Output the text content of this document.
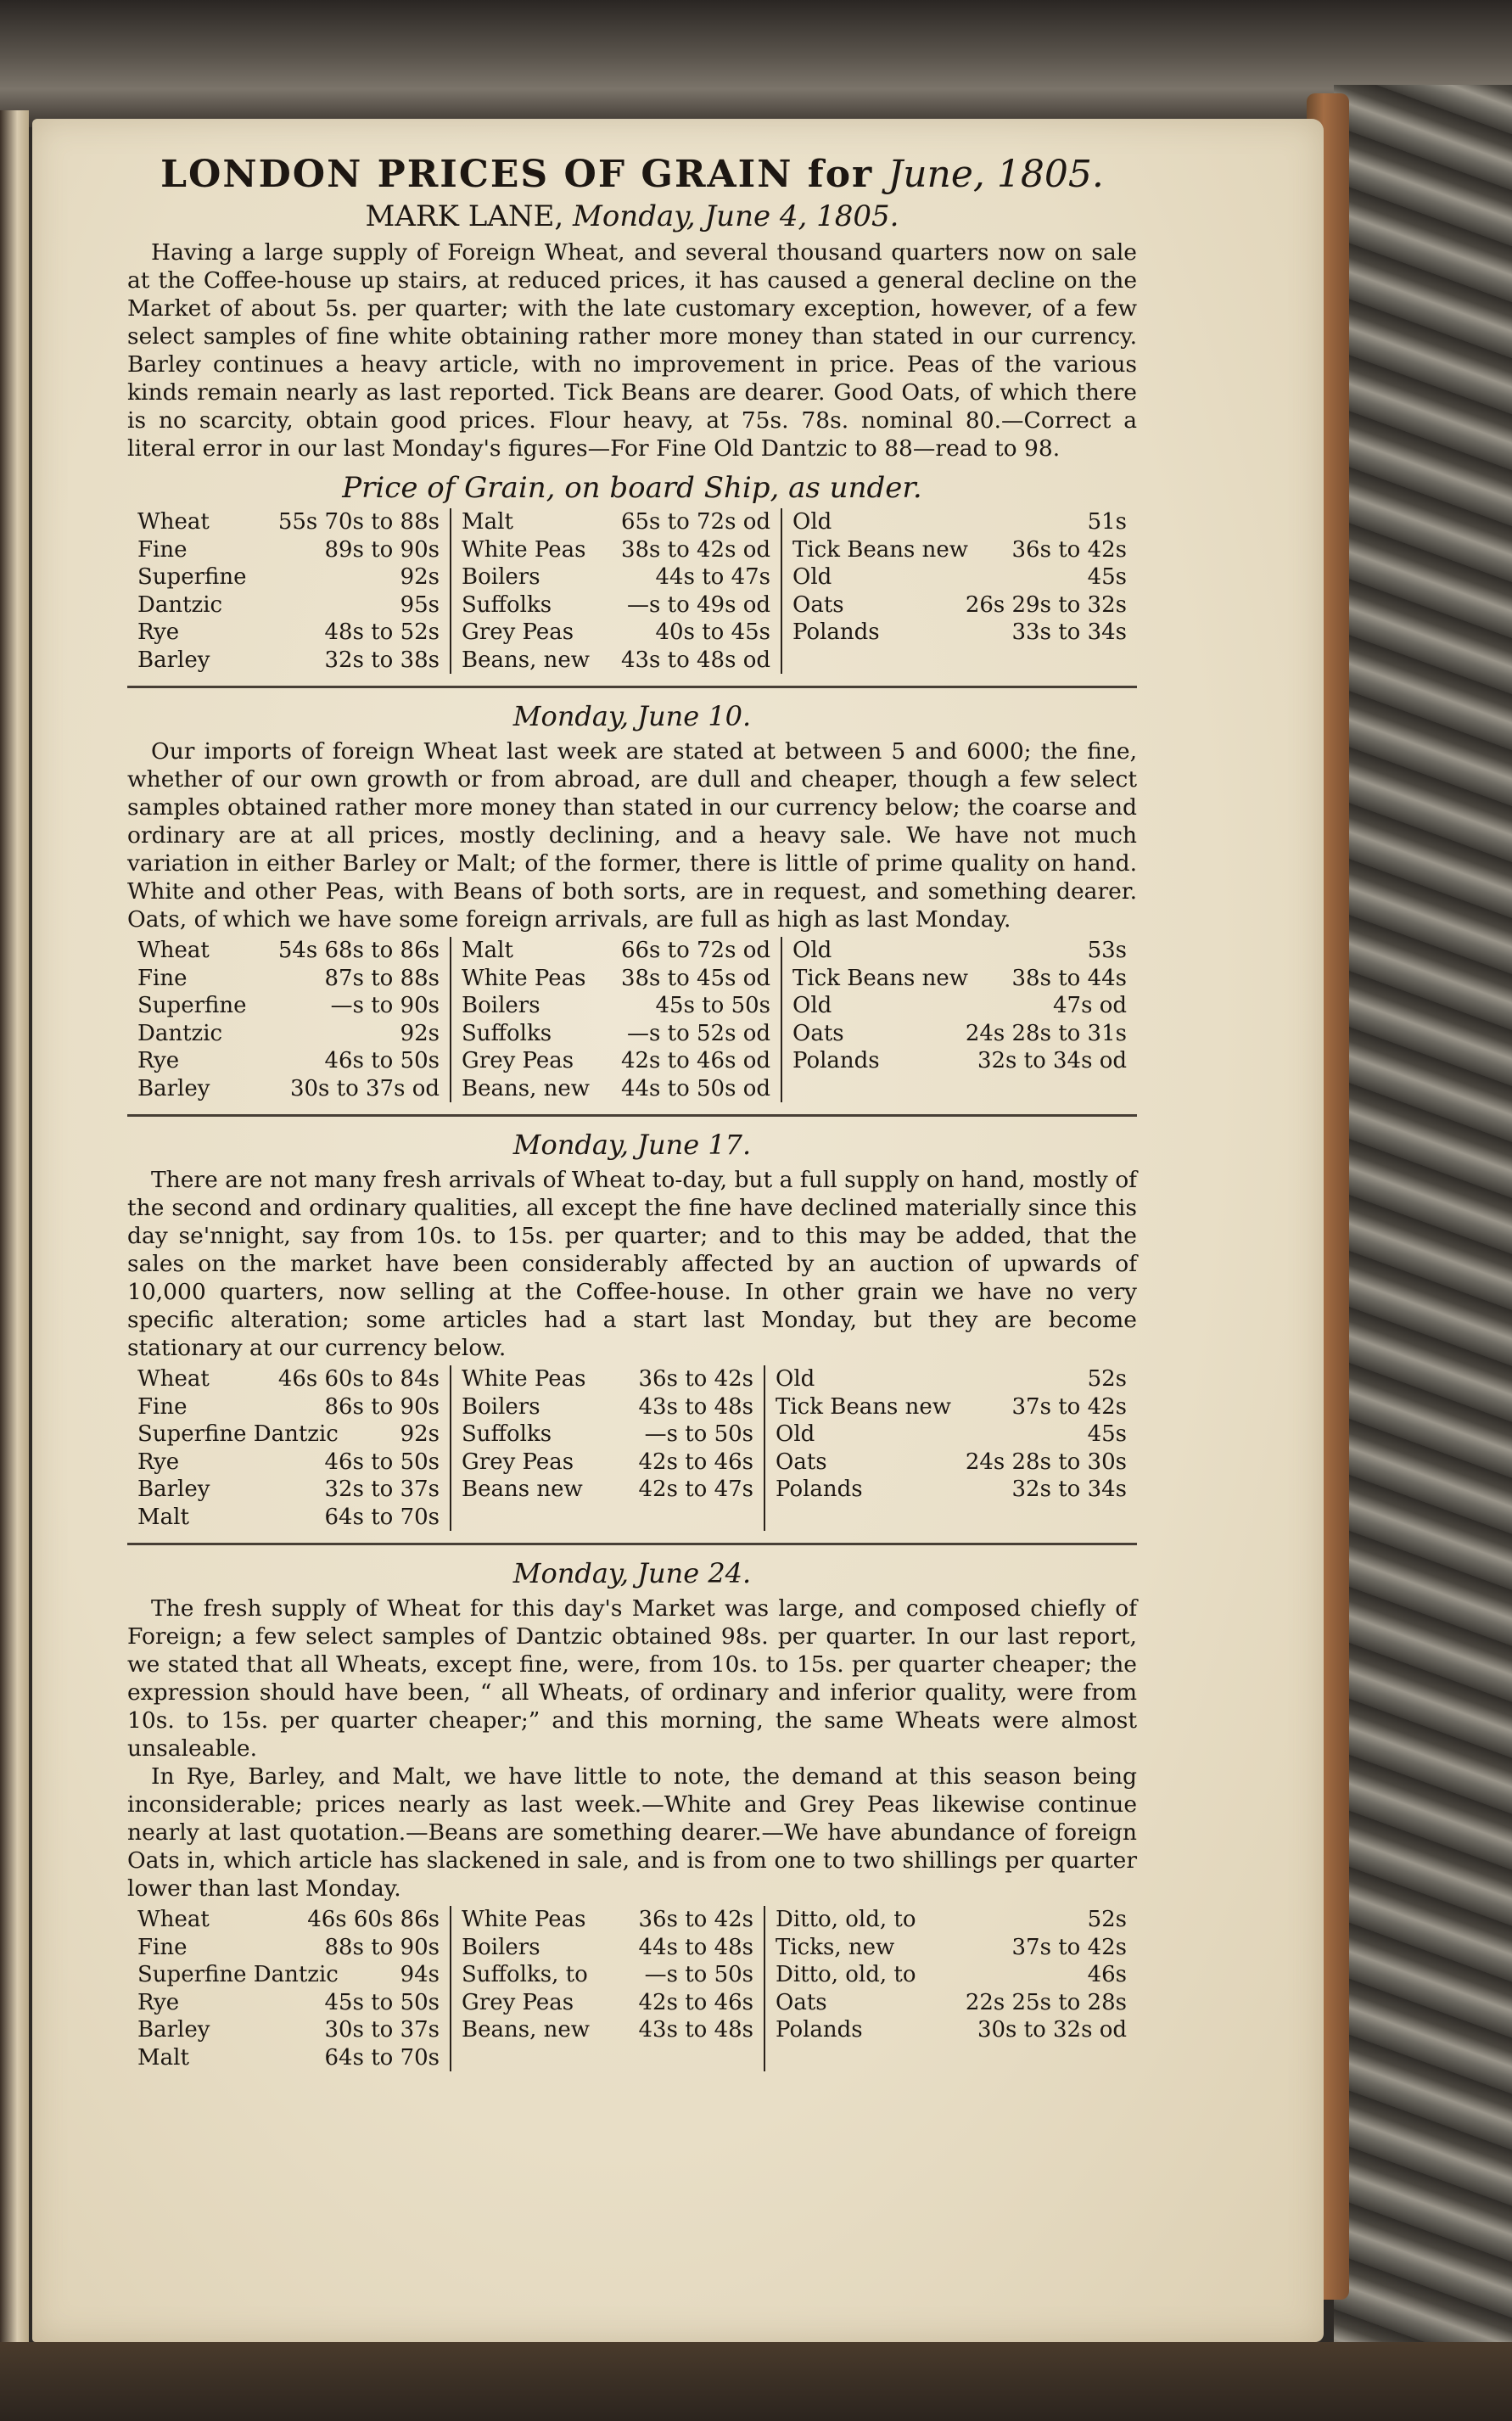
LONDON PRICES OF GRAIN for June, 1805.
MARK LANE, Monday, June 4, 1805.

Having a large supply of Foreign Wheat, and several thousand quarters now on sale at the Coffee-house up stairs, at reduced prices, it has caused a general decline on the Market of about 5s. per quarter; with the late customary exception, however, of a few select samples of fine white obtaining rather more money than stated in our currency. Barley continues a heavy article, with no improvement in price. Peas of the various kinds remain nearly as last reported. Tick Beans are dearer. Good Oats, of which there is no scarcity, obtain good prices. Flour heavy, at 75s. 78s. nominal 80.—Correct a literal error in our last Monday's figures—For Fine Old Dantzic to 88—read to 98.

Price of Grain, on board Ship, as under.
Wheat	55s 70s to 88s
Fine	89s to 90s
Superfine	92s
Dantzic	95s
Rye	48s to 52s
Barley	32s to 38s
Malt	65s to 72s od
White Peas 38s to 42s od
Boilers	44s to 47s
Suffolks	—s to 49s od
Grey Peas	40s to 45s
Beans, new 43s to 48s od
Old	51s
Tick Beans new 36s to 42s
Old	45s
Oats	26s 29s to 32s
Polands	33s to 34s
Monday, June 10.

Our imports of foreign Wheat last week are stated at between 5 and 6000; the fine, whether of our own growth or from abroad, are dull and cheaper, though a few select samples obtained rather more money than stated in our currency below; the coarse and ordinary are at all prices, mostly declining, and a heavy sale. We have not much variation in either Barley or Malt; of the former, there is little of prime quality on hand. White and other Peas, with Beans of both sorts, are in request, and something dearer. Oats, of which we have some foreign arrivals, are full as high as last Monday.

Wheat	54s 68s to 86s
Fine	87s to 88s
Superfine	—s to 90s
Dantzic	92s
Rye	46s to 50s
Barley	30s to 37s od
Malt	66s to 72s od
White Peas 38s to 45s od
Boilers	45s to 50s
Suffolks	—s to 52s od
Grey Peas 42s to 46s od
Beans, new 44s to 50s od
Old	53s
Tick Beans new 38s to 44s
Old	47s od
Oats	24s 28s to 31s
Polands	32s to 34s od
Monday, June 17.

There are not many fresh arrivals of Wheat to-day, but a full supply on hand, mostly of the second and ordinary qualities, all except the fine have declined materially since this day se'nnight, say from 10s. to 15s. per quarter; and to this may be added, that the sales on the market have been considerably affected by an auction of upwards of 10,000 quarters, now selling at the Coffee-house. In other grain we have no very specific alteration; some articles had a start last Monday, but they are become stationary at our currency below.

Wheat	46s 60s to 84s
Fine	86s to 90s
Superfine Dantzic	92s
Rye	46s to 50s
Barley	32s to 37s
Malt	64s to 70s
White Peas 36s to 42s
Boilers	43s to 48s
Suffolks	—s to 50s
Grey Peas	42s to 46s
Beans new	42s to 47s
Old	52s
Tick Beans new	37s to 42s
Old	45s
Oats	24s 28s to 30s
Polands	32s to 34s
Monday, June 24.

The fresh supply of Wheat for this day's Market was large, and composed chiefly of Foreign; a few select samples of Dantzic obtained 98s. per quarter. In our last report, we stated that all Wheats, except fine, were, from 10s. to 15s. per quarter cheaper; the expression should have been, “ all Wheats, of ordinary and inferior quality, were from 10s. to 15s. per quarter cheaper;” and this morning, the same Wheats were almost unsaleable.

In Rye, Barley, and Malt, we have little to note, the demand at this season being inconsiderable; prices nearly as last week.—White and Grey Peas likewise continue nearly at last quotation.—Beans are something dearer.—We have abundance of foreign Oats in, which article has slackened in sale, and is from one to two shillings per quarter lower than last Monday.

Wheat	46s 60s 86s
Fine	88s to 90s
Superfine Dantzic	94s
Rye	45s to 50s
Barley	30s to 37s
Malt	64s to 70s
White Peas 36s to 42s
Boilers	44s to 48s
Suffolks, to	—s to 50s
Grey Peas	42s to 46s
Beans, new 43s to 48s
Ditto, old, to	52s
Ticks, new	37s to 42s
Ditto, old, to	46s
Oats	22s 25s to 28s
Polands	30s to 32s od
